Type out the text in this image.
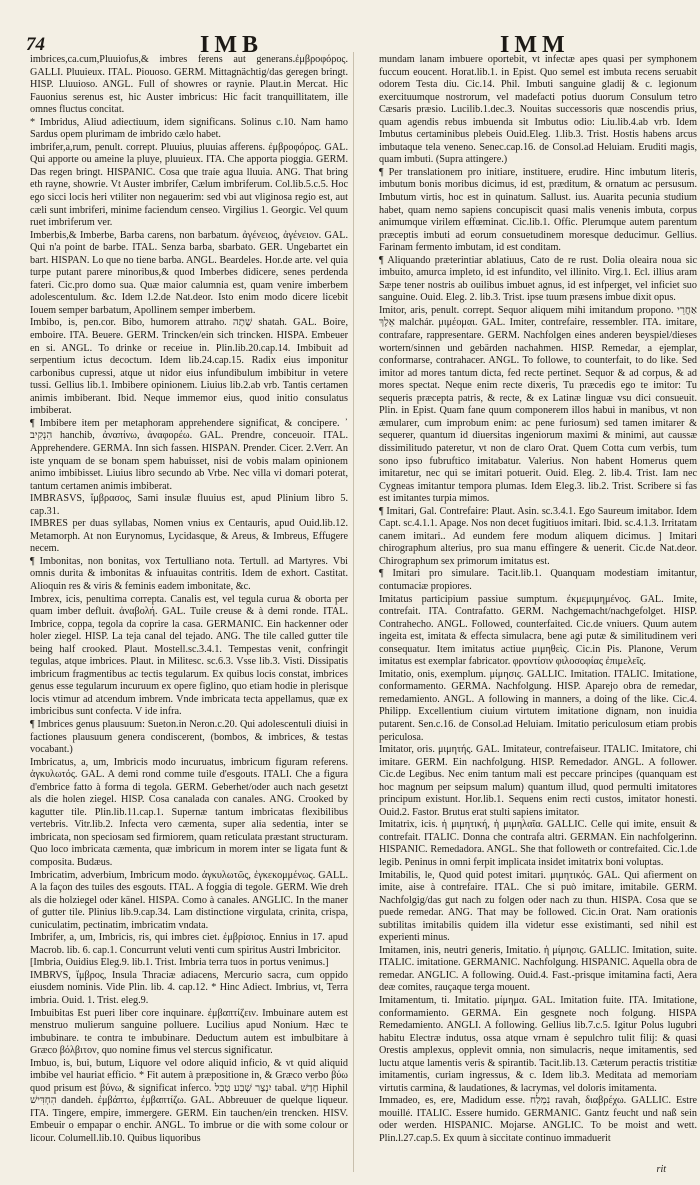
74	IMB	IMM

imbrices,ca.cum,Pluuiofus,& imbres ferens aut generans.ἐμβροφόρος. GALLI. Pluuieux. ITAL. Piouoso. GERM. Mittagnächtig/das geregen bringt. HISP. Lluuioso. ANGL. Full of showres or raynie. Plaut.in Mercat. Hic Fauonius serenus est, hic Auster imbricus: Hic facit tranquillitatem, ille omnes fluctus concitat.

* Imbridus, Aliud adiectiuum, idem significans. Solinus c.10. Nam hamo Sardus opem plurimam de imbrido cælo habet.

imbrifer,a,rum, penult. corrept. Pluuius, pluuias afferens. ἐμβροφόρος. GAL. Qui apporte ou ameine la pluye, pluuieux. ITA. Che apporta pioggia. GERM. Das regen bringt. HISPANIC. Cosa que traíe agua lluuia. ANG. That bring eth rayne, showrie. Vt Auster imbrifer, Cælum imbriferum. Col.lib.5.c.5. Hoc ego sicci locis heri vtiliter non negauerim: sed vbi aut vliginosa regio est, aut cæli sunt imbriferi, minime faciendum censeo. Virgilius 1. Georgic. Vel quum ruet imbriferum ver.

Imberbis,& Imberbe, Barba carens, non barbatum. ἀγένειος, ἀγένειον. GAL. Qui n'a point de barbe. ITAL. Senza barba, sbarbato. GER. Ungebartet ein bart. HISPAN. Lo que no tiene barba. ANGL. Beardeles. Hor.de arte. vel quia turpe putant parere minoribus,& quod Imberbes didicere, senes perdenda fateri. Cic.pro domo sua. Quæ maior calumnia est, quam venire imberbem adolescentulum. &c. Idem l.2.de Nat.deor. Isto enim modo dicere licebit Iouem semper barbatum, Apollinem semper imberbem.

Imbibo, is, pen.cor. Bibo, humorem attraho. שָׁתָה shatah. GAL. Boire, emboire. ITA. Beuere. GERM. Trincken/ein sich trincken. HISPA. Embeuer en si. ANGL. To drinke or receiue in. Plin.lib.20.cap.14. Imbibuit ad serpentium ictus decoctum. Idem lib.24.cap.15. Radix eius imponitur carbonibus cupressi, atque ut nidor eius infundibulum imbibitur in vetere tussi. Gellius lib.1. Imbibere opinionem. Liuius lib.2.ab vrb. Tantis certamen animis imbiberant. Ibid. Neque immemor eius, quod initio consulatus imbiberat.

¶ Imbibere item per metaphoram apprehendere significat, & concipere. ᾿ הִנְקִיב hanchib, ἀναπίνω, ἀναφορέω. GAL. Prendre, conceuoir. ITAL. Apprehendere. GERMA. Inn sich fassen. HISPAN. Prender. Cicer. 2.Verr. An iste ynquam de se bonam spem habuisset, nisi de vobis malam opinionem animo imbibisset. Liuius libro secundo ab Vrbe. Nec villa vi domari poterat, tantum certamen animis imbiberat.

IMBRASVS, ἴμβρασος, Sami insulæ fluuius est, apud Plinium libro 5. cap.31.

IMBRES per duas syllabas, Nomen vnius ex Centauris, apud Ouid.lib.12. Metamorph. At non Eurynomus, Lycidasque, & Areus, & Imbreus, Effugere necem.

¶ Imbonitas, non bonitas, vox Tertulliano nota. Tertull. ad Martyres. Vbi omnis durita & imbonitas & infuauitas contritis. Idem de exhort. Castitat. Alioquin res & viris & feminis eadem imbonitate, &c.

Imbrex, icis, penultima correpta. Canalis est, vel tegula curua & oborta per quam imber defluit. ἀναβολή. GAL. Tuile creuse & à demi ronde. ITAL. Imbrice, coppa, tegola da coprire la casa. GERMANIC. Ein hackenner oder holer ziegel. HISP. La teja canal del tejado. ANG. The tile called gutter tile being half crooked. Plaut. Mostell.sc.3.4.1. Tempestas venit, confringit tegulas, atque imbrices. Plaut. in Militesc. sc.6.3. Vsse lib.3. Visti. Dissipatis imbricum fragmentibus ac tectis tegularum. Ex quibus locis constat, imbrices genus esse tegularum incuruum ex opere figlino, quo etiam hodie in plerisque locis vtimur ad atcendum imbrem. Vnde imbricata tecta appellamus, quæ ex imbricibus sunt confecta. V ide infra.

¶ Imbrices genus plausuum: Sueton.in Neron.c.20. Qui adolescentuli diuisi in factiones plausuum genera condiscerent, (bombos, & imbrices, & testas vocabant.)

Imbricatus, a, um, Imbricis modo incuruatus, imbricum figuram referens. ἀγκυλωτός. GAL. A demi rond comme tuile d'esgouts. ITALI. Che a figura d'embrice fatto à forma di tegola. GERM. Geberhet/oder auch nach gesetzt als die holen ziegel. HISP. Cosa canalada con canales. ANG. Crooked by kagutter tile. Plin.lib.11.cap.1. Supernæ tantum imbricatas flexibilibus vertebris. Vitr.lib.2. Infecta vero cæmenta, super alia sedentia, inter se imbricata, non speciosam sed firmiorem, quam reticulata præstant structuram. Quo loco imbricata cæmenta, quæ imbricum in morem inter se ligata funt & composita. Budæus.

Imbricatim, adverbium, Imbricum modo. ἀγκυλωτῶς, ἐγκεκομμένως. GALL. A la façon des tuiles des esgouts. ITAL. A foggia di tegole. GERM. Wie dreh als die holziegel oder känel. HISPA. Como à canales. ANGLIC. In the maner of gutter tile. Plinius lib.9.cap.34. Lam distinctione virgulata, crinita, crispa, cuniculatim, pectinatim, imbricatim vndata.

Imbrifer, a, um, Imbricis, ris, qui imbres ciet. ἐμβρίσιος. Ennius in 17. apud Macrob. lib. 6. cap.1. Concurrunt veluti venti cum spiritus Austri Imbricitor.

[Imbria, Ouidius Eleg.9. lib.1. Trist. Imbria terra tuos in portus venimus.]

IMBRVS, ἴμβρος, Insula Thraciæ adiacens, Mercurio sacra, cum oppido eiusdem nominis. Vide Plin. lib. 4. cap.12. * Hinc Adiect. Imbrius, vt, Terra imbria. Ouid. 1. Trist. eleg.9.

Imbuibitas Est pueri liber core inquinare. ἐμβαπτίζειν. Imbuinare autem est menstruo mulierum sanguine polluere. Lucilius apud Nonium. Hæc te imbubinare. te contra te imbubinare. Deductum autem est imbulbitare à Græco βόλβιτον, quo nomine fimus vel stercus significatur.

Imbuo, is, bui, butum, Liquore vel odore aliquid inficio, & vt quid aliquid imbibe vel hauriat efficio. * Fit autem à præpositione in, & Græco verbo βύω quod prisum est βύνω, & significat inferco. יִנְצַר שָׁבַע טָבַל tabal. חָדַשׁ Hiphil הִחְדִּישׁ dandeh. ἐμβάπτω, ἐμβαπτίζω. GAL. Abbreuuer de quelque liqueur. ITA. Tingere, empire, immergere. GERM. Ein tauchen/ein trencken. HISV. Embeuir o empapar o enchir. ANGL. To imbrue or die with some colour or licour. Columell.lib.10. Quibus liquoribus

mundam lanam imbuere oportebit, vt infectæ apes quasi per symphonem fuccum eoucent. Horat.lib.1. in Epist. Quo semel est imbuta recens seruabit odorem Testa diu. Cic.14. Phil. Imbuti sanguine gladij & c. legionum exercituumque nostrorum, vel madefacti potius duorum Consulum tetro Cæsaris præsio. Lucilib.1.dec.3. Nouitas successoris quæ noscendis prius, quam agendis rebus imbuenda sit Imbutus odio: Liu.lib.4.ab vrb. Idem Imbutus certaminibus plebeis Ouid.Eleg. 1.lib.3. Trist. Hostis habens arcus imbutaque tela veneno. Senec.cap.16. de Consol.ad Heluiam. Eruditi magis, quam imbuti. (Supra attingere.)

¶ Per translationem pro initiare, instituere, erudire. Hinc imbutum literis, imbutum bonis moribus dicimus, id est, præditum, & ornatum ac persusum. Imbutum virtis, hoc est in quinatum. Sallust. ius. Auarita pecunia studium habet, quam nemo sapiens concupiscit quasi malis venenis imbuta, corpus animumque virilem effœminat. Cic.lib.1. Offic. Plerumque autem parentum præceptis imbuti ad eorum consuetudinem moresque deducimur. Gellius. Farinam fermento imbutam, id est conditam.

¶ Aliquando præterintiar ablatiuus, Cato de re rust. Dolia oleaira noua sic imbuito, amurca impleto, id est infundito, vel illinito. Virg.1. Ecl. illius aram Sæpe tener nostris ab ouilibus imbuet agnus, id est infperget, vel inficiet suo sanguine. Ouid. Eleg. 2. lib.3. Trist. ipse tuum præsens imbue dixit opus.

Imitor, aris, penult. corrept. Sequor aliquem mihi imitandum propono. אַחֲרֵי אֵלֶךְ malchár. μιμέομαι. GAL. Imiter, contrefaire, ressembler. ITA. imitare, contrafare, rappresentare. GERM. Nachfolgen eines anderen beyspiel/dieses wortern/sinnen und gebärden nachahmen. HISP. Remedar, a ejemplar, conformarse, contrahacer. ANGL. To followe, to counterfait, to do like. Sed imitor ad mores tantum dicta, fed recte pertinet. Sequor & ad corpus, & ad mores spectat. Neque enim recte dixeris, Tu præcedis ego te imitor: Tu sequeris præcepta patris, & recte, & ex Latinæ linguæ vsu dici consueuit. Plin. in Epist. Quam fane quum componerem illos habui in manibus, vt non æmularer, cum improbum enim: ac pene furiosum) sed tamen imitarer & sequerer, quantum id diuersitas ingeniorum maximi & minimi, aut caussæ dissimilitudo pateretur, vt non de claro Orat. Quem Cotta cum verbis, tum sono ipso fubruftico imitabatur. Valerius. Non habent Homerus quem imitaretur, nec qui se imitari potuerit. Ouid. Eleg. 2. lib.4. Trist. Iam nec Cygneas imitantur tempora plumas. Idem Eleg.3. lib.2. Trist. Scribere si fas est imitantes turpia mimos.

¶ Imitari, Gal. Contrefaire: Plaut. Asin. sc.3.4.1. Ego Saureum imitabor. Idem Capt. sc.4.1.1. Apage. Nos non decet fugitiuos imitari. Ibid. sc.4.1.3. Irritatam canem imitari.. Ad eundem fere modum aliquem dicimus. ] Imitari chirographum alterius, pro sua manu effingere & uenerit. Cic.de Nat.deor. Chirographum sex primorum imitatus est.

¶ Imitari pro simulare. Tacit.lib.1. Quanquam modestiam imitantur, contumaciæ propiores.

Imitatus participium passiue sumptum. ἐκμεμιμημένος. GAL. Imite, contrefait. ITA. Contrafatto. GERM. Nachgemacht/nachgefolget. HISP. Contrahecho. ANGL. Followed, counterfaited. Cic.de vniuers. Quum autem ingeita est, imitata & effecta simulacra, bene agi putæ & similitudinem veri consequatur. Item imitatus actiue μιμηθεὶς. Cic.in Pis. Planone, Verum imitatus est exemplar fabricator. φροντίσιν φιλοσοφίας ἐπιμελεῖς.

Imitatio, onis, exemplum. μίμησις. GALLIC. Imitation. ITALIC. Imitatione, conformamento. GERMA. Nachfolgung. HISP. Aparejo obra de remedar, remedamiento. ANGL. A following in manners, a doing of the like. Cic.4. Philipp. Excellentium ciuium virtutem imitatione dignam, non inuidia putarent. Sen.c.16. de Consol.ad Heluiam. Imitatio periculosum etiam probis periculosa.

Imitator, oris. μιμητής. GAL. Imitateur, contrefaiseur. ITALIC. Imitatore, chi imitare. GERM. Ein nachfolgung. HISP. Remedador. ANGL. A follower. Cic.de Legibus. Nec enim tantum mali est peccare principes (quanquam est hoc magnum per seipsum malum) quantum illud, quod permulti imitatores principum existunt. Hor.lib.1. Sequens enim recti custos, imitator honesti. Ouid.2. Fastor. Brutus erat stulti sapiens imitator.

Imitatrix, icis. ἡ μιμητική, ἡ μιμηλαῖα. GALLIC. Celle qui imite, ensuit & contrefait. ITALIC. Donna che contrafa altri. GERMAN. Ein nachfolgerinn. HISPANIC. Remedadora. ANGL. She that followeth or contrefaited. Cic.1.de legib. Peninus in omni ferpit implicata insidet imitatrix boni voluptas.

Imitabilis, le, Quod quid potest imitari. μιμητικός. GAL. Qui afierment on imite, aise à contrefaire. ITAL. Che si può imitare, imitabile. GERM. Nachfolgig/das gut nach zu folgen oder nach zu thun. HISPA. Cosa que se puede remedar. ANG. That may be followed. Cic.in Orat. Nam orationis subtilitas imitabilis quidem illa videtur esse existimanti, sed nihil est experienti minus.

Imitamen, inis, neutri generis, Imitatio. ἡ μίμησις. GALLIC. Imitation, suite. ITALIC. imitatione. GERMANIC. Nachfolgung. HISPANIC. Aquella obra de remedar. ANGLIC. A following. Ouid.4. Fast.-prisque imitamina facti, Aera deæ comites, rauçaque terga mouent.

Imitamentum, ti. Imitatio. μίμημα. GAL. Imitation fuite. ITA. Imitatione, conformamiento. GERMA. Ein gesgnete noch folgung. HISPA Remedamiento. ANGLI. A following. Gellius lib.7.c.5. Igitur Polus lugubri habitu Electræ indutus, ossa atque vrnam è sepulchro tulit filij: & quasi Orestis amplexus, opplevit omnia, non simulacris, neque imitamentis, sed luctu atque lamentis veris & spirantib. Tacit.lib.13. Cæterum peractis tristitiæ imitamentis, curiam ingressus, & c. Idem lib.3. Meditata ad memoriam virtutis carmina, & laudationes, & lacrymas, vel doloris imitamenta.

Immadeo, es, ere, Madidum esse. נִמְלַח ravah, διαβρέχω. GALLIC. Estre mouillé. ITALIC. Essere humido. GERMANIC. Gantz feucht und naß sein oder werden. HISPANIC. Mojarse. ANGLIC. To be moist and wett. Plin.l.27.cap.5. Ex quum à siccitate continuo immaduerit

rit
